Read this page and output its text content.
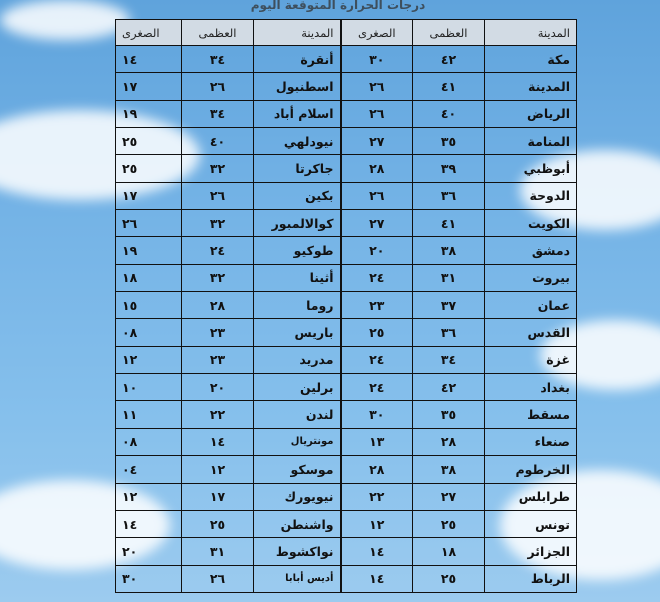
درجات الحرارة المتوقعة اليوم
المدينة	العظمى	الصغرى	المدينة	العظمى	الصغرى
مكة	٤٢	٣٠	أنقرة	٣٤	١٤
المدينة	٤١	٢٦	اسطنبول	٢٦	١٧
الرياض	٤٠	٢٦	اسلام أباد	٣٤	١٩
المنامة	٣٥	٢٧	نيودلهي	٤٠	٢٥
أبوظبي	٣٩	٢٨	جاكرتا	٣٢	٢٥
الدوحة	٣٦	٢٦	بكين	٢٦	١٧
الكويت	٤١	٢٧	كوالالمبور	٣٢	٢٦
دمشق	٣٨	٢٠	طوكيو	٢٤	١٩
بيروت	٣١	٢٤	أثينا	٣٢	١٨
عمان	٣٧	٢٣	روما	٢٨	١٥
القدس	٣٦	٢٥	باريس	٢٣	٠٨
غزة	٣٤	٢٤	مدريد	٢٣	١٢
بغداد	٤٢	٢٤	برلين	٢٠	١٠
مسقط	٣٥	٣٠	لندن	٢٢	١١
صنعاء	٢٨	١٣	مونتريال	١٤	٠٨
الخرطوم	٣٨	٢٨	موسكو	١٢	٠٤
طرابلس	٢٧	٢٢	نيويورك	١٧	١٢
تونس	٢٥	١٢	واشنطن	٢٥	١٤
الجزائر	١٨	١٤	نواكشوط	٣١	٢٠
الرباط	٢٥	١٤	أديس أبابا	٢٦	٣٠
